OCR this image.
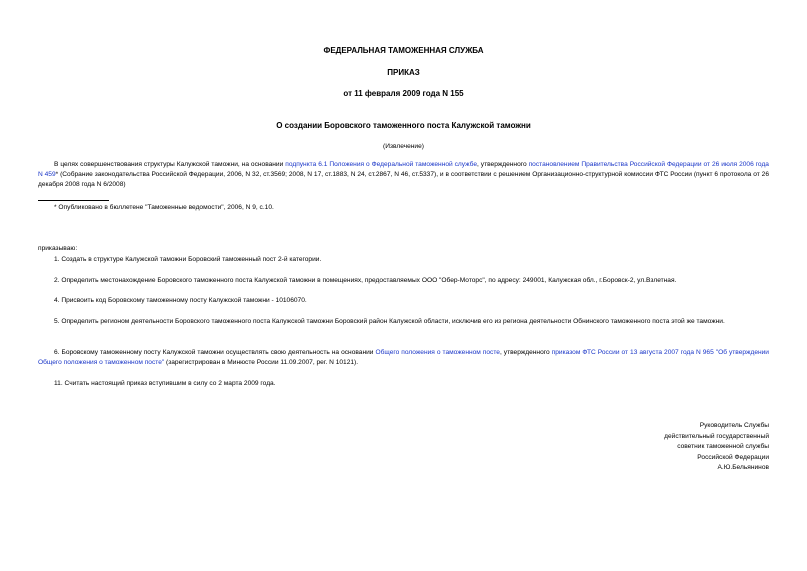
ФЕДЕРАЛЬНАЯ ТАМОЖЕННАЯ СЛУЖБА
ПРИКАЗ
от 11 февраля 2009 года N 155
О создании Боровского таможенного поста Калужской таможни
(Извлечение)
В целях совершенствования структуры Калужской таможни, на основании подпункта 6.1 Положения о Федеральной таможенной службе, утвержденного постановлением Правительства Российской Федерации от 26 июля 2006 года N 459* (Собрание законодательства Российской Федерации, 2006, N 32, ст.3569; 2008, N 17, ст.1883, N 24, ст.2867, N 46, ст.5337), и в соответствии с решением Организационно-структурной комиссии ФТС России (пункт 6 протокола от 26 декабря 2008 года N 6/2008)
* Опубликовано в бюллетене "Таможенные ведомости", 2006, N 9, с.10.
приказываю:
1. Создать в структуре Калужской таможни Боровский таможенный пост 2-й категории.
2. Определить местонахождение Боровского таможенного поста Калужской таможни в помещениях, предоставляемых ООО "Обер-Моторс", по адресу: 249001, Калужская обл., г.Боровск-2, ул.Взлетная.
4. Присвоить код Боровскому таможенному посту Калужской таможни - 10106070.
5. Определить регионом деятельности Боровского таможенного поста Калужской таможни Боровский район Калужской области, исключив его из региона деятельности Обнинского таможенного поста этой же таможни.
6. Боровскому таможенному посту Калужской таможни осуществлять свою деятельность на основании Общего положения о таможенном посте, утвержденного приказом ФТС России от 13 августа 2007 года N 965 "Об утверждении Общего положения о таможенном посте" (зарегистрирован в Минюсте России 11.09.2007, рег. N 10121).
11. Считать настоящий приказ вступившим в силу со 2 марта 2009 года.
Руководитель Службы
действительный государственный
советник таможенной службы
Российской Федерации
А.Ю.Бельянинов
